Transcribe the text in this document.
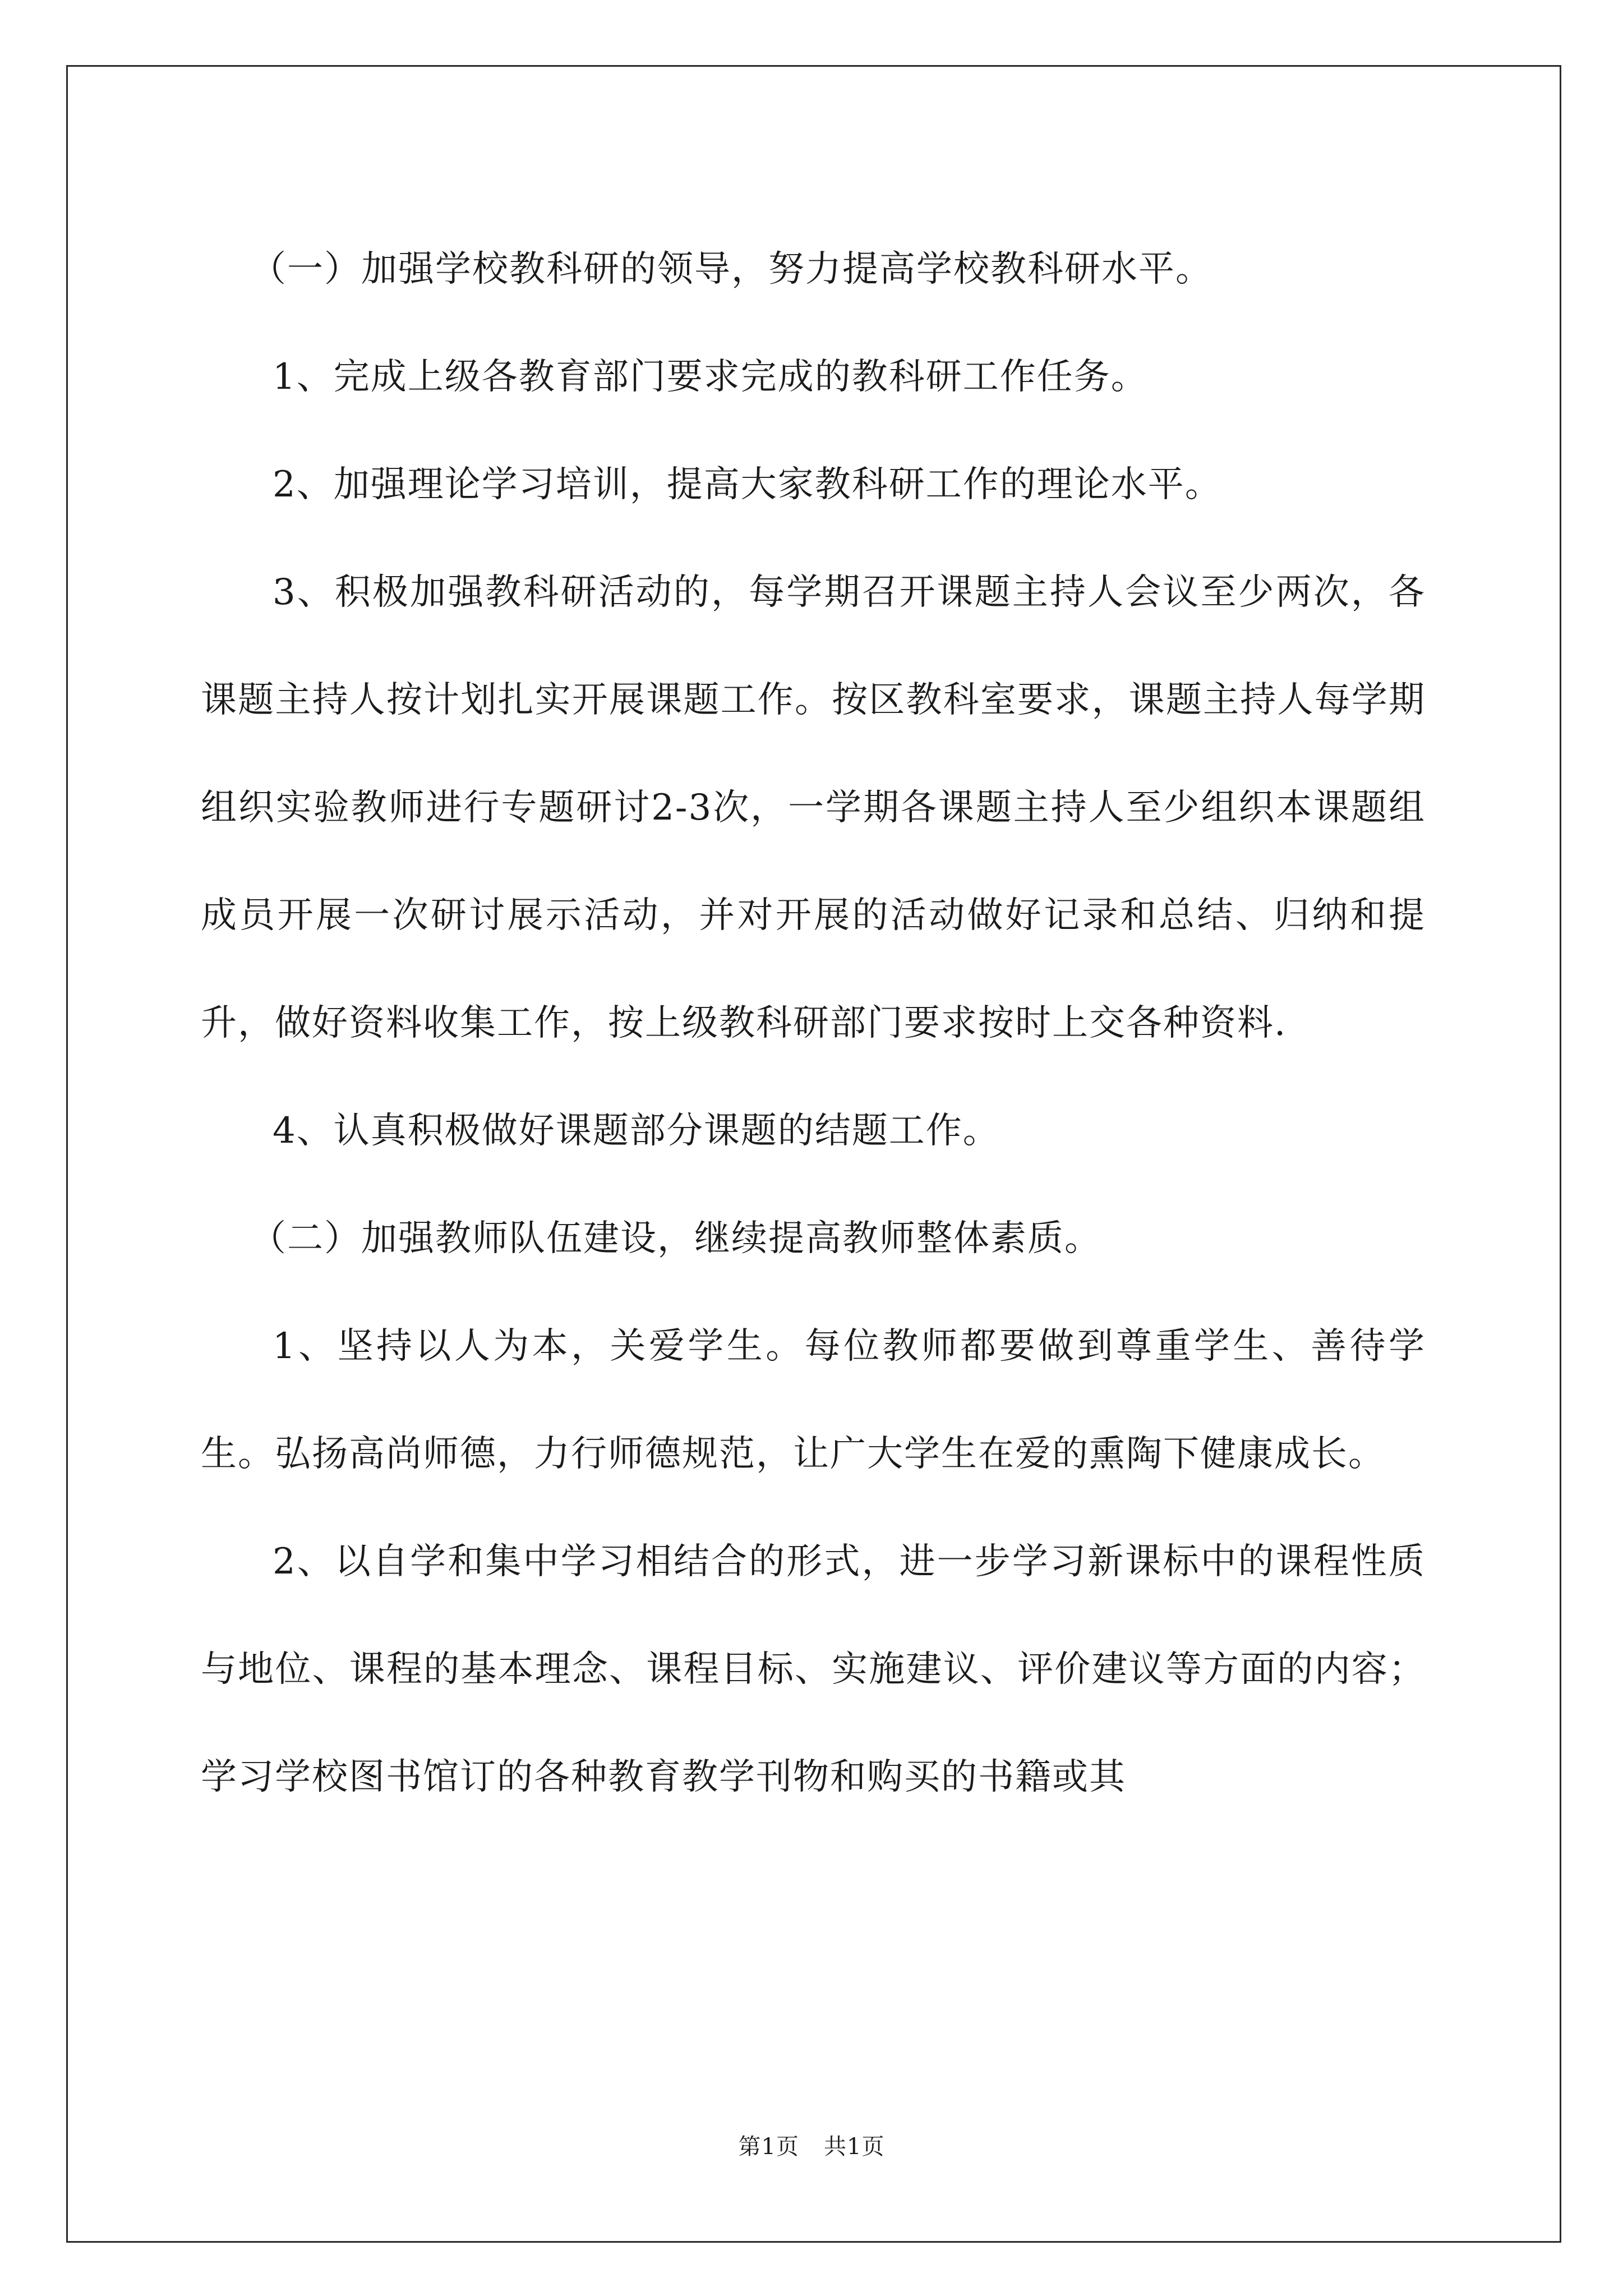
（一）加强学校教科研的领导，努力提高学校教科研水平。

1、完成上级各教育部门要求完成的教科研工作任务。

2、加强理论学习培训，提高大家教科研工作的理论水平。

3、积极加强教科研活动的，每学期召开课题主持人会议至少两次，各课题主持人按计划扎实开展课题工作。按区教科室要求，课题主持人每学期组织实验教师进行专题研讨2-3次，一学期各课题主持人至少组织本课题组成员开展一次研讨展示活动，并对开展的活动做好记录和总结、归纳和提升，做好资料收集工作，按上级教科研部门要求按时上交各种资料.

4、认真积极做好课题部分课题的结题工作。

（二）加强教师队伍建设，继续提高教师整体素质。

1、坚持以人为本，关爱学生。每位教师都要做到尊重学生、善待学生。弘扬高尚师德，力行师德规范，让广大学生在爱的熏陶下健康成长。

2、以自学和集中学习相结合的形式，进一步学习新课标中的课程性质与地位、课程的基本理念、课程目标、实施建议、评价建议等方面的内容；学习学校图书馆订的各种教育教学刊物和购买的书籍或其

第1页 共1页
